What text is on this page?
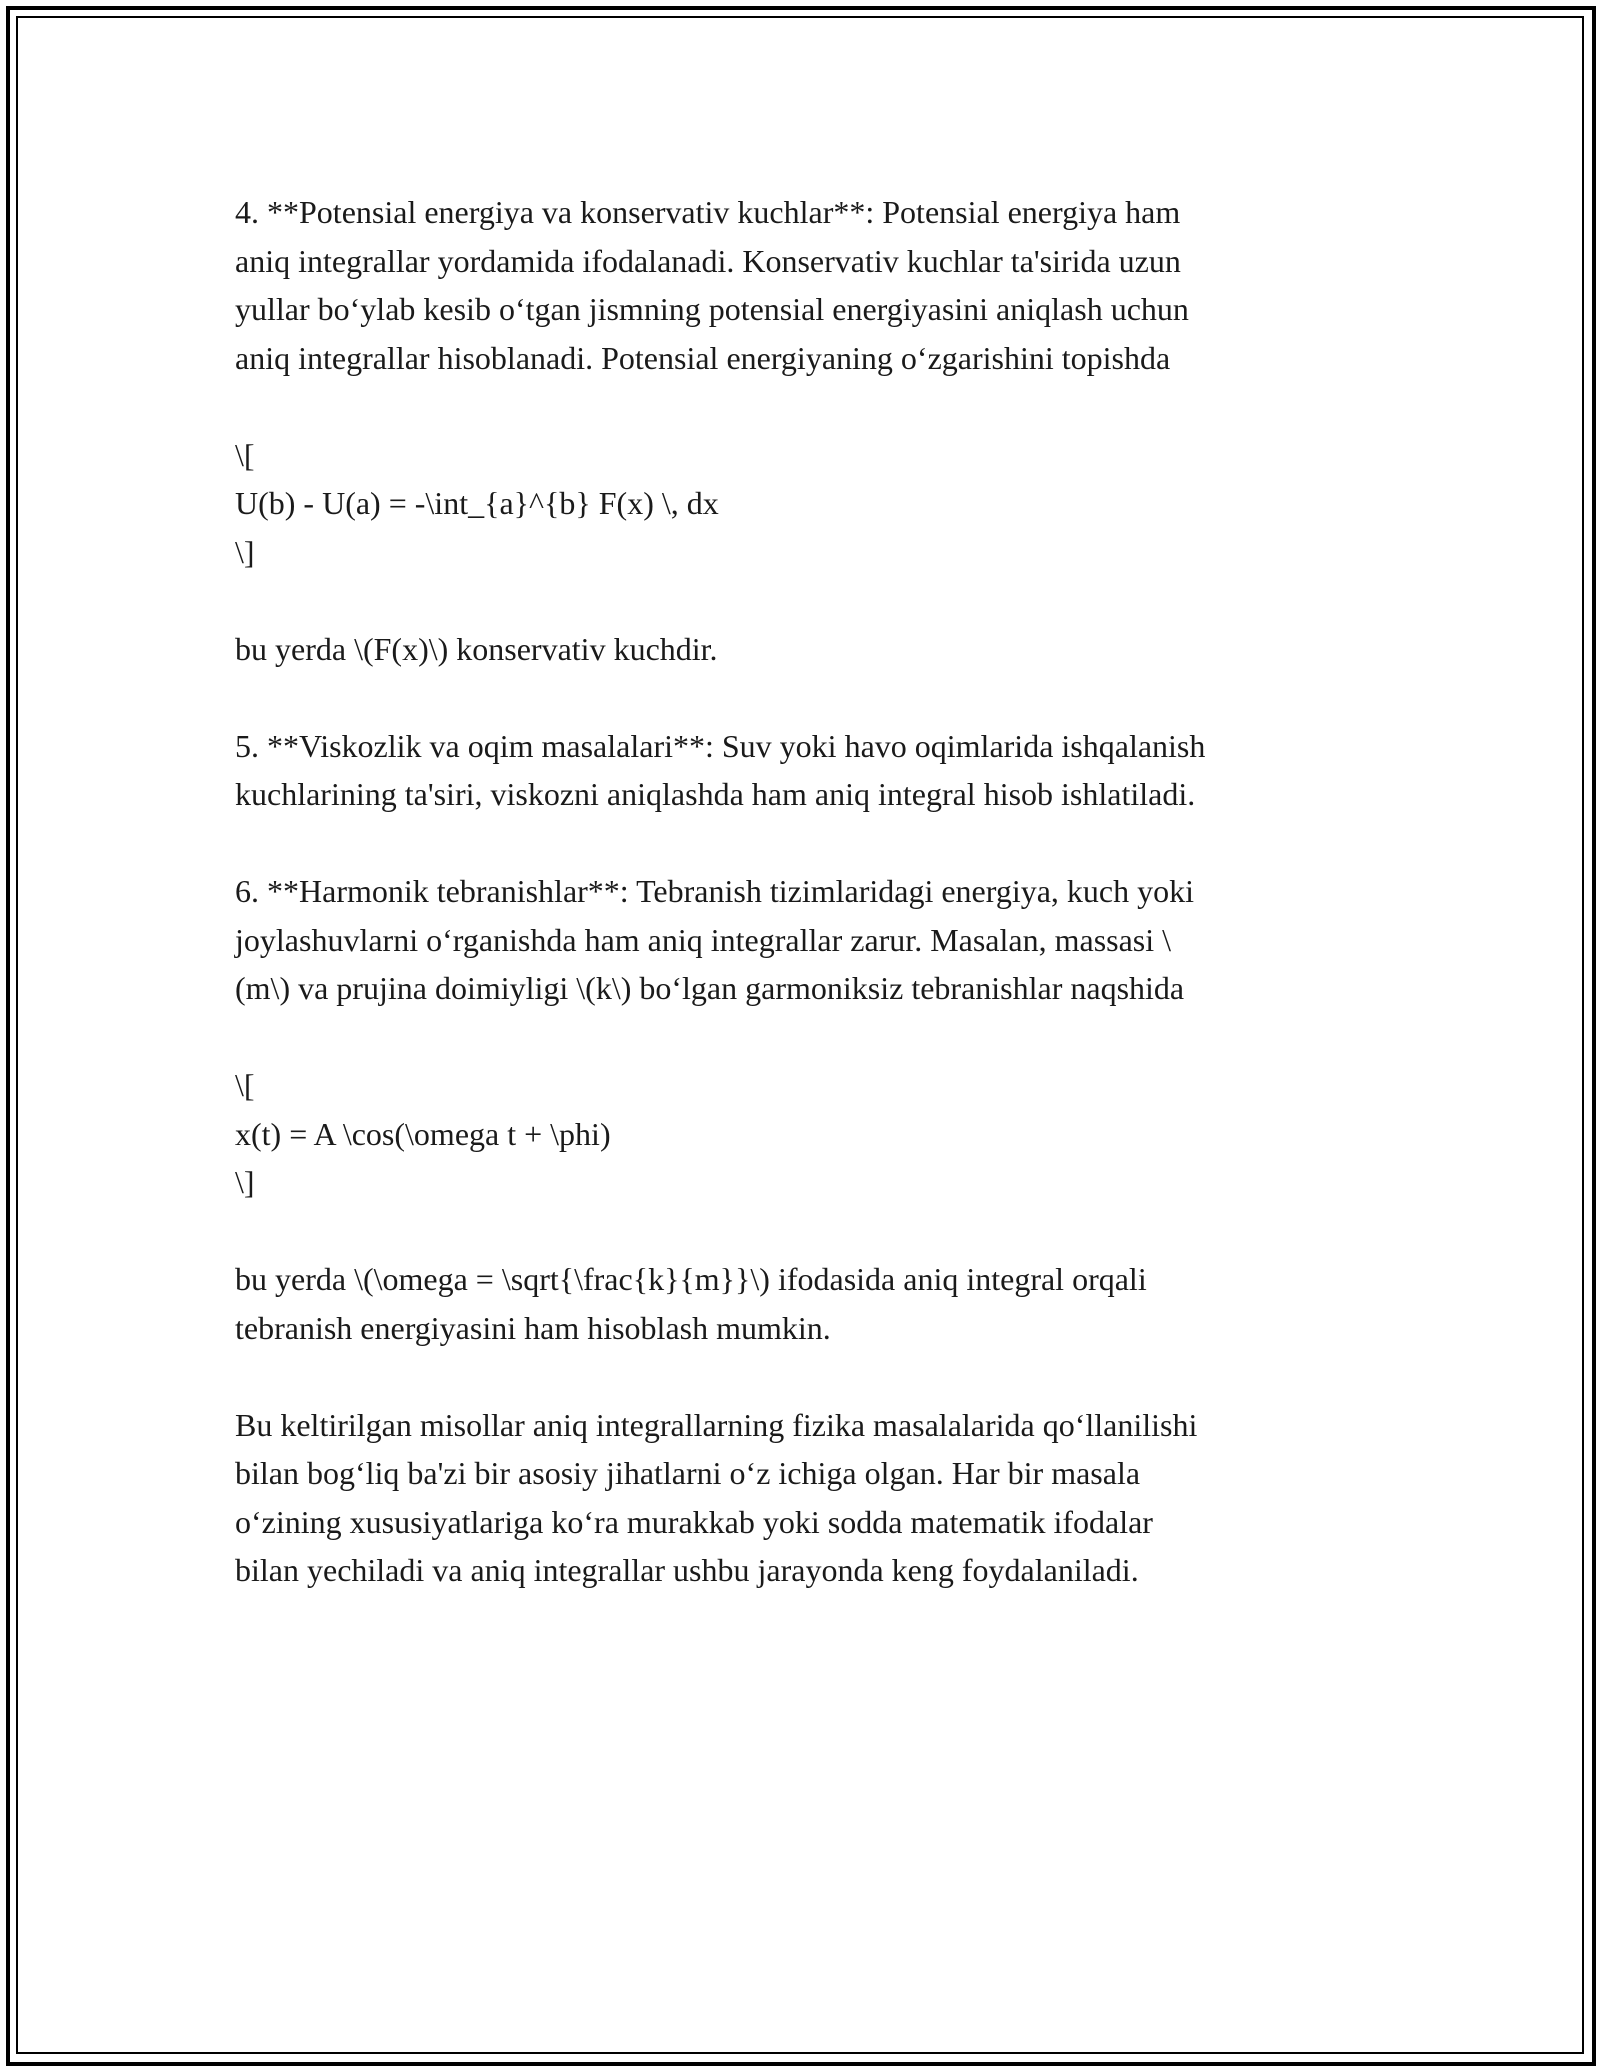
4. **Potensial energiya va konservativ kuchlar**: Potensial energiya ham
aniq integrallar yordamida ifodalanadi. Konservativ kuchlar ta'sirida uzun
yullar bo‘ylab kesib o‘tgan jismning potensial energiyasini aniqlash uchun
aniq integrallar hisoblanadi. Potensial energiyaning o‘zgarishini topishda
\[
U(b) - U(a) = -\int_{a}^{b} F(x) \, dx
\]
bu yerda \(F(x)\) konservativ kuchdir.
5. **Viskozlik va oqim masalalari**: Suv yoki havo oqimlarida ishqalanish
kuchlarining ta'siri, viskozni aniqlashda ham aniq integral hisob ishlatiladi.
6. **Harmonik tebranishlar**: Tebranish tizimlaridagi energiya, kuch yoki
joylashuvlarni o‘rganishda ham aniq integrallar zarur. Masalan, massasi \
(m\) va prujina doimiyligi \(k\) bo‘lgan garmoniksiz tebranishlar naqshida
\[
x(t) = A \cos(\omega t + \phi)
\]
bu yerda \(\omega = \sqrt{\frac{k}{m}}\) ifodasida aniq integral orqali
tebranish energiyasini ham hisoblash mumkin.
Bu keltirilgan misollar aniq integrallarning fizika masalalarida qo‘llanilishi
bilan bog‘liq ba'zi bir asosiy jihatlarni o‘z ichiga olgan. Har bir masala
o‘zining xususiyatlariga ko‘ra murakkab yoki sodda matematik ifodalar
bilan yechiladi va aniq integrallar ushbu jarayonda keng foydalaniladi.
